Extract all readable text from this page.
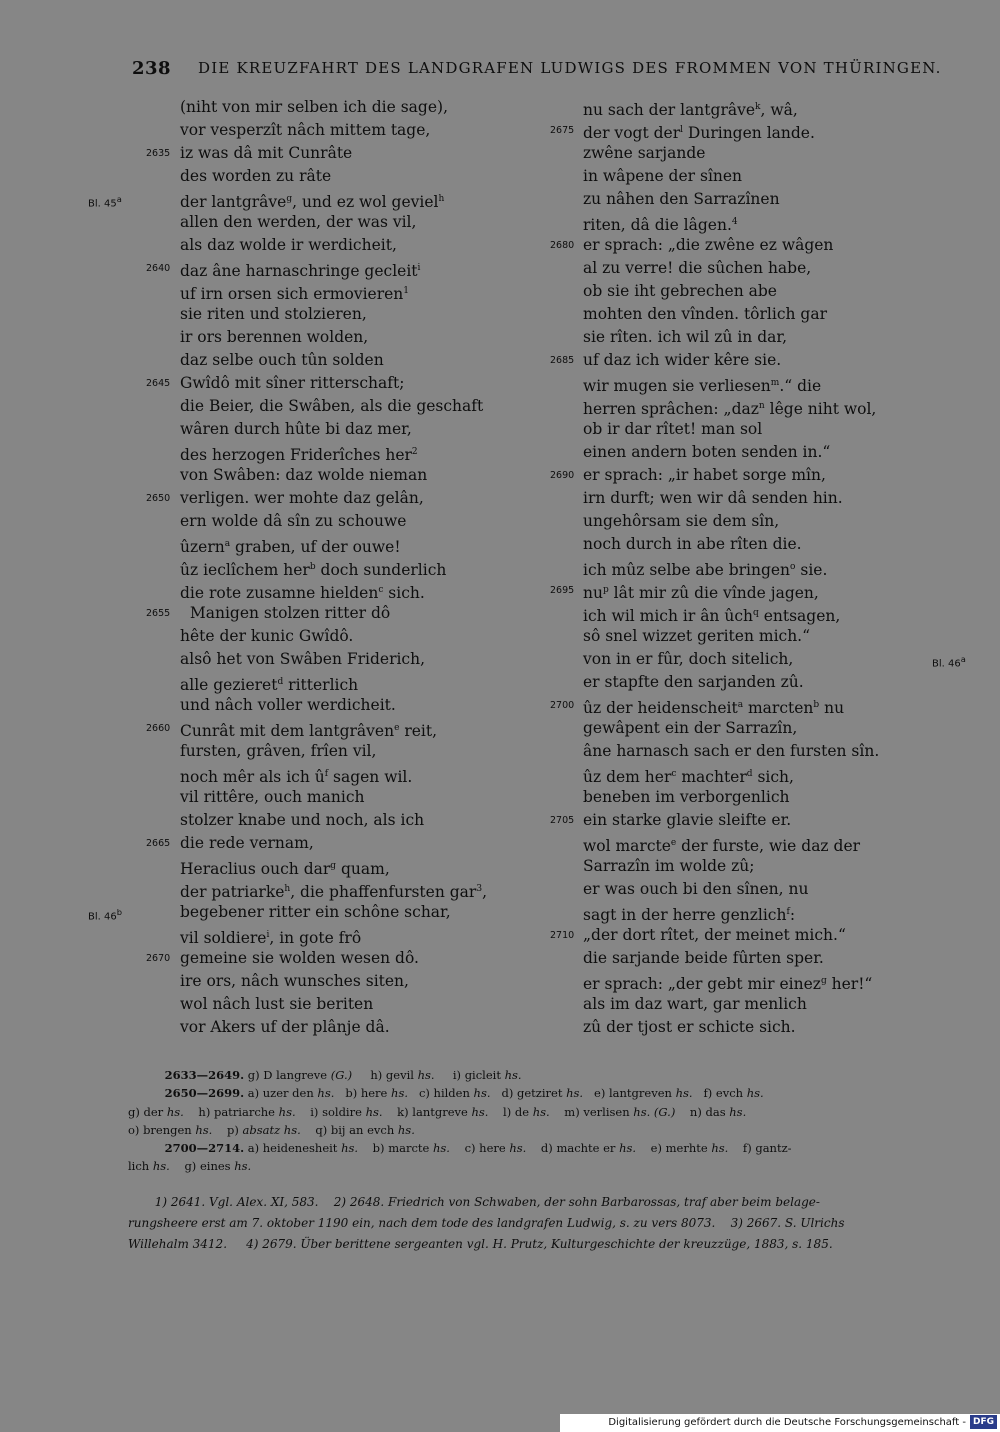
238 DIE KREUZFAHRT DES LANDGRAFEN LUDWIGS DES FROMMEN VON THÜRINGEN.
(niht von mir selben ich die sage),
vor vesperzît nâch mittem tage,
iz was dâ mit Cunrâte
des worden zu râte
der lantgrâve$^g$, und ez wol geviel$^h$
allen den werden, der was vil,
als daz wolde ir werdicheit,
daz âne harnaschringe gecleit$^i$
uf irn orsen sich ermovieren$^1$
sie riten und stolzieren,
ir ors berennen wolden,
daz selbe ouch tûn solden
Gwîdô mit sîner ritterschaft;
die Beier, die Swâben, als die geschaft
wâren durch hûte bi daz mer,
des herzogen Friderîches her$^2$
von Swâben: daz wolde nieman
verligen. wer mohte daz gelân,
ern wolde dâ sîn zu schouwe
ûzern$^a$ graben, uf der ouwe!
ûz ieclîchem her$^b$ doch sunderlich
die rote zusamne hielden$^c$ sich.
Manigen stolzen ritter dô
hête der kunic Gwîdô.
alsô het von Swâben Friderich,
alle gezieret$^d$ ritterlich
und nâch voller werdicheit.
Cunrât mit dem lantgrâven$^e$ reit,
fursten, grâven, frîen vil,
noch mêr als ich $û^f$ sagen wil.
vil rittêre, ouch manich
stolzer knabe und noch, als ich
die rede vernam,
Heraclius ouch dar$^g$ quam,
der patriarke$^h$, die phaffenfursten gar$^3$,
begebener ritter ein schône schar,
vil soldiere$^i$, in gote frô
gemeine sie wolden wesen dô.
ire ors, nâch wunsches siten,
wol nâch lust sie beriten
vor Akers uf der plânje dâ.
2635
2640
2645
2650
2655
2660
2665
2670
Bl. 45$^a$
Bl. 46$^b$
nu sach der lantgrâve$^k$, wâ,
der vogt der$^l$ Duringen lande.
zwêne sarjande
in wâpene der sînen
zu nâhen den Sarrazînen
riten, dâ die lâgen.$^4$
er sprach: „die zwêne ez wâgen
al zu verre! die sûchen habe,
ob sie iht gebrechen abe
mohten den vînden. tôrlich gar
sie rîten. ich wil zû in dar,
uf daz ich wider kêre sie.
wir mugen sie verliesen$^m$.“ die
herren sprâchen: „daz$^n$ lêge niht wol,
ob ir dar rîtet! man sol
einen andern boten senden in.“
er sprach: „ir habet sorge mîn,
irn durft; wen wir dâ senden hin.
ungehôrsam sie dem sîn,
noch durch in abe rîten die.
ich mûz selbe abe bringen$^o$ sie.
$nu^p$ lât mir zû die vînde jagen,
ich wil mich ir ân ûch$^q$ entsagen,
sô snel wizzet geriten mich.“
von in er fûr, doch sitelich,
er stapfte den sarjanden zû.
ûz der heidenscheit$^a$ marcten$^b$ nu
gewâpent ein der Sarrazîn,
âne harnasch sach er den fursten sîn.
ûz dem her$^c$ machter$^d$ sich,
beneben im verborgenlich
ein starke glavie sleifte er.
wol marcte$^e$ der furste, wie daz der
Sarrazîn im wolde zû;
er was ouch bi den sînen, nu
sagt in der herre genzlich$^f$:
„der dort rîtet, der meinet mich.“
die sarjande beide fûrten sper.
er sprach: „der gebt mir einez$^g$ her!“
als im daz wart, gar menlich
zû der tjost er schicte sich.
2675
2680
2685
2690
2695
2700
2705
2710
Bl. 46$^a$
2633—2649. g) D langreve (G.)     h) gevil hs.     i) gicleit hs.
2650—2699. a) uzer den hs.   b) here hs.   c) hilden hs.   d) getziret hs.   e) lantgreven hs.   f) evch hs.
g) der hs.    h) patriarche hs.    i) soldire hs.    k) lantgreve hs.    l) de hs.    m) verlisen hs. (G.)    n) das hs.
o) brengen hs.    p) absatz hs.    q) bij an evch hs.
2700—2714. a) heidenesheit hs.    b) marcte hs.    c) here hs.    d) machte er hs.    e) merhte hs.    f) gantz-
lich hs.    g) eines hs.
1) 2641. Vgl. Alex. XI, 583.    2) 2648. Friedrich von Schwaben, der sohn Barbarossas, traf aber beim belage-
rungsheere erst am 7. oktober 1190 ein, nach dem tode des landgrafen Ludwig, s. zu vers 8073.    3) 2667. S. Ulrichs
Willehalm 3412.     4) 2679. Über berittene sergeanten vgl. H. Prutz, Kulturgeschichte der kreuzzüge, 1883, s. 185.
Digitalisierung gefördert durch die Deutsche Forschungsgemeinschaft - DFG
